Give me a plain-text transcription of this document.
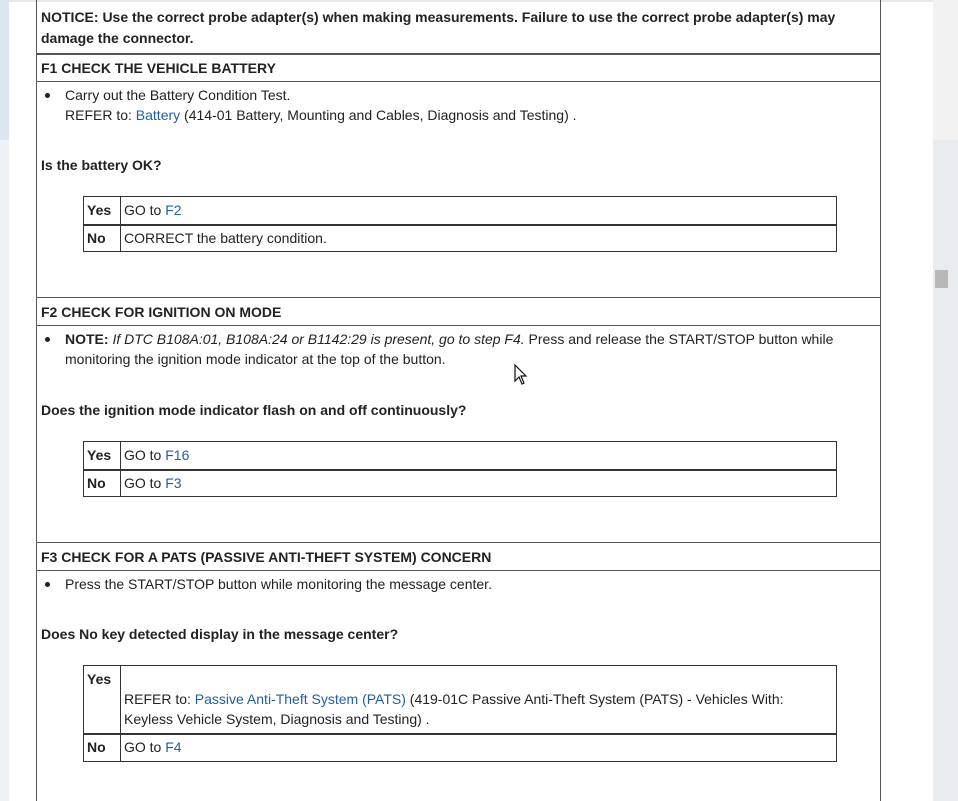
NOTICE: Use the correct probe adapter(s) when making measurements. Failure to use the correct probe adapter(s) may damage the connector.
F1 CHECK THE VEHICLE BATTERY
Carry out the Battery Condition Test.
REFER to: Battery (414-01 Battery, Mounting and Cables, Diagnosis and Testing) .
Is the battery OK?
Yes	GO to F2
No	CORRECT the battery condition.
F2 CHECK FOR IGNITION ON MODE
NOTE: If DTC B108A:01, B108A:24 or B1142:29 is present, go to step F4. Press and release the START/STOP button while monitoring the ignition mode indicator at the top of the button.
Does the ignition mode indicator flash on and off continuously?
Yes	GO to F16
No	GO to F3
F3 CHECK FOR A PATS (PASSIVE ANTI-THEFT SYSTEM) CONCERN
Press the START/STOP button while monitoring the message center.
Does No key detected display in the message center?
Yes	REFER to: Passive Anti-Theft System (PATS) (419-01C Passive Anti-Theft System (PATS) - Vehicles With: Keyless Vehicle System, Diagnosis and Testing) .
No	GO to F4
